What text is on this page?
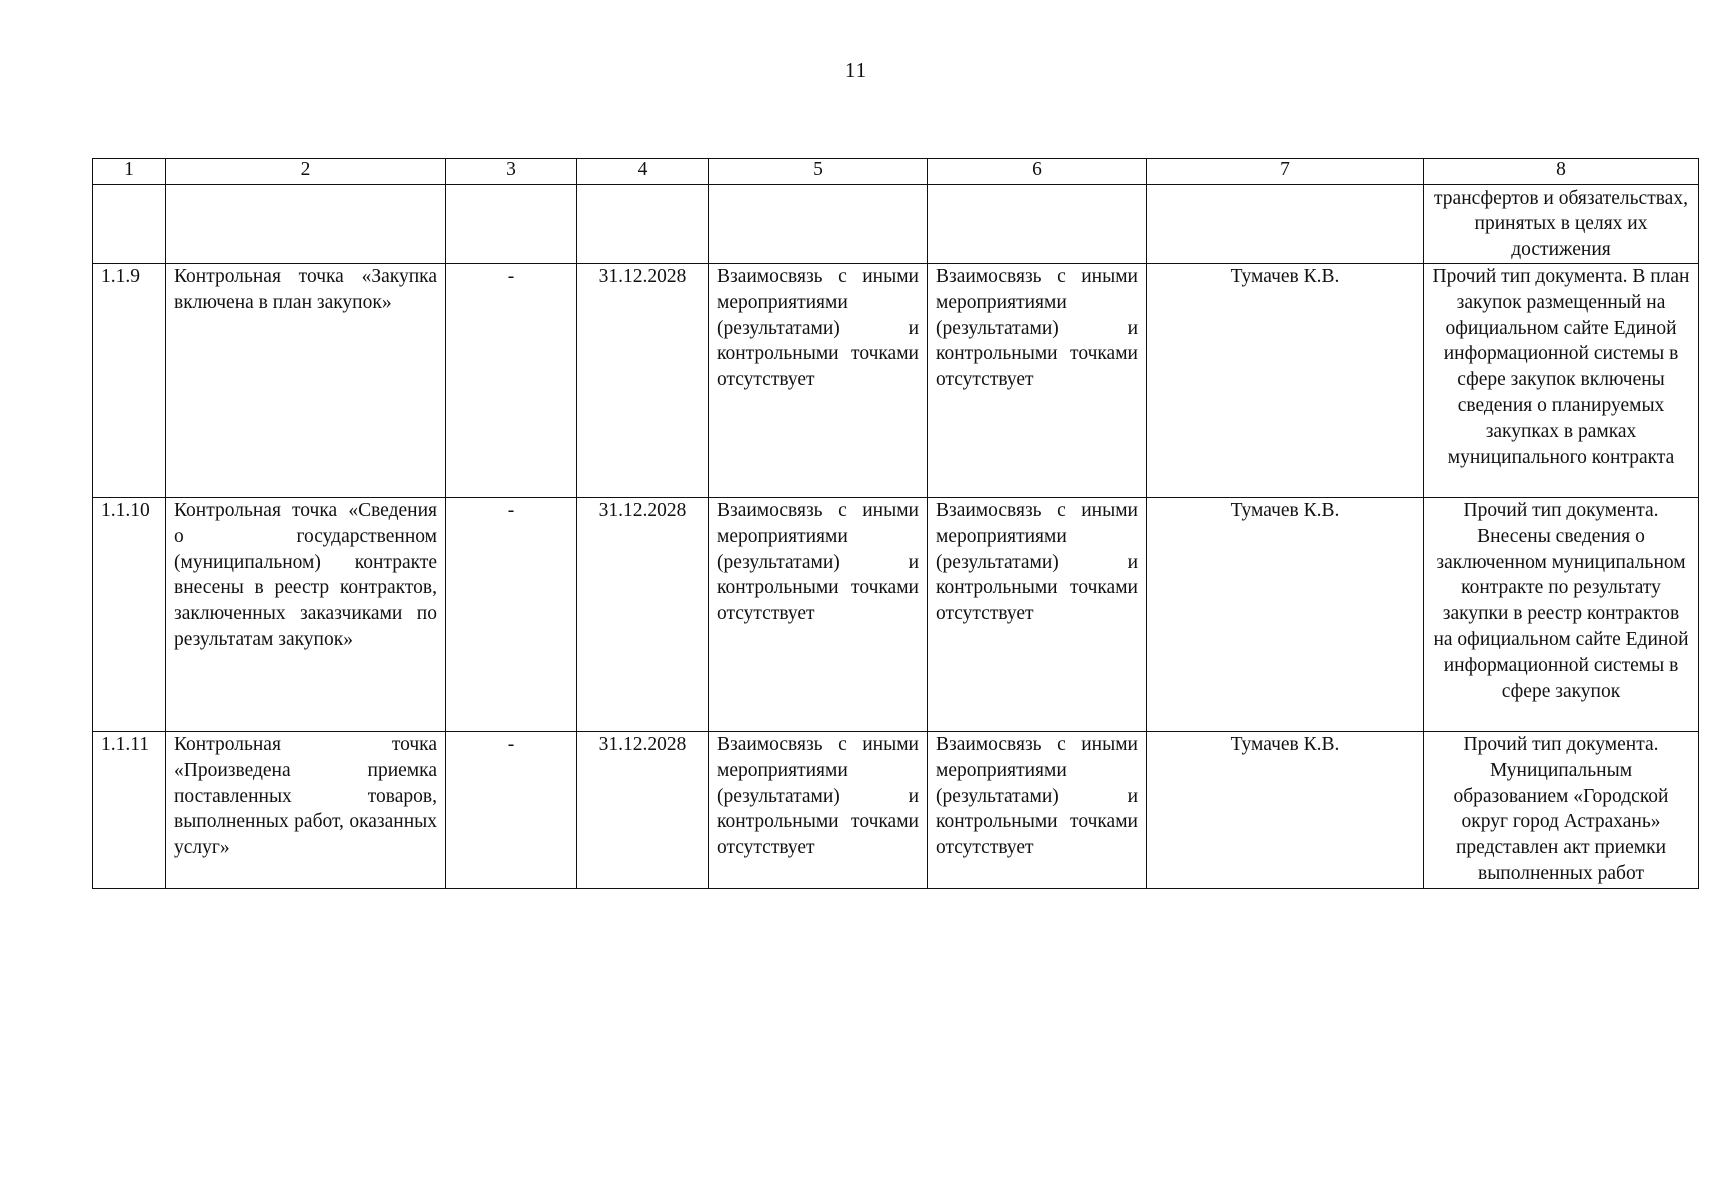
11
1	2	3	4	5	6	7	8
							трансфертов и обязательствах, принятых в целях их достижения
1.1.9	Контрольная точка «Закупка включена в план закупок»	-	31.12.2028	Взаимосвязь с иными мероприятиями (результатами) и контрольными точками отсутствует	Взаимосвязь с иными мероприятиями (результатами) и контрольными точками отсутствует	Тумачев К.В.	Прочий тип документа. В план закупок размещенный на официальном сайте Единой информационной системы в сфере закупок включены сведения о планируемых закупках в рамках муниципального контракта
1.1.10	Контрольная точка «Сведения о государственном (муниципальном) контракте внесены в реестр контрактов, заключенных заказчиками по результатам закупок»	-	31.12.2028	Взаимосвязь с иными мероприятиями (результатами) и контрольными точками отсутствует	Взаимосвязь с иными мероприятиями (результатами) и контрольными точками отсутствует	Тумачев К.В.	Прочий тип документа. Внесены сведения о заключенном муниципальном контракте по результату закупки в реестр контрактов на официальном сайте Единой информационной системы в сфере закупок
1.1.11	Контрольная точка «Произведена приемка поставленных товаров, выполненных работ, оказанных услуг»	-	31.12.2028	Взаимосвязь с иными мероприятиями (результатами) и контрольными точками отсутствует	Взаимосвязь с иными мероприятиями (результатами) и контрольными точками отсутствует	Тумачев К.В.	Прочий тип документа. Муниципальным образованием «Городской округ город Астрахань» представлен акт приемки выполненных работ
